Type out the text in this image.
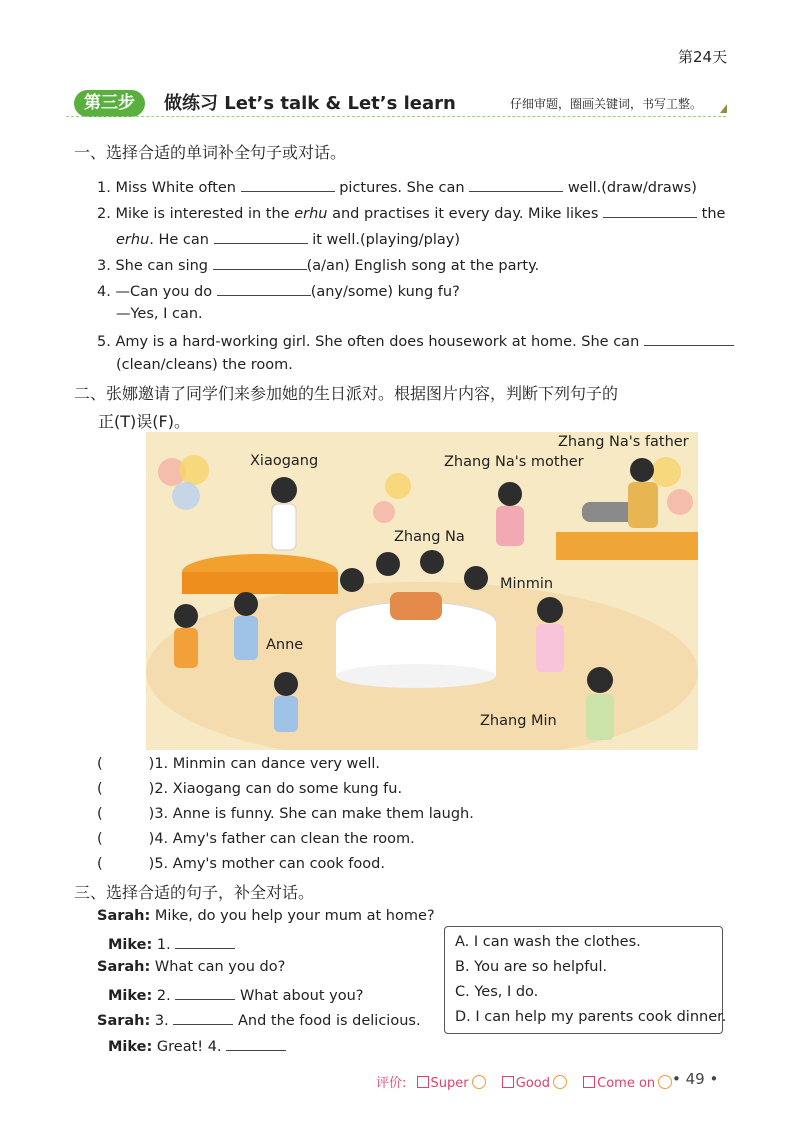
第24天
第三步	做练习 Let’s talk & Let’s learn	仔细审题，圈画关键词，书写工整。
一、选择合适的单词补全句子或对话。
1. Miss White often	pictures. She can	well.(draw/draws)
2. Mike is interested in the erhu and practises it every day. Mike likes	the
erhu. He can	it well.(playing/play)
3. She can sing	(a/an) English song at the party.
4. —Can you do	(any/some) kung fu?
—Yes, I can.
5. Amy is a hard-working girl. She often does housework at home. She can
(clean/cleans) the room.
二、张娜邀请了同学们来参加她的生日派对。根据图片内容，判断下列句子的
正(T)误(F)。
Zhang Na's father
Xiaogang	Zhang Na's mother
Zhang Na
Minmin
Anne
Zhang Min
(	)1. Minmin can dance very well.
(	)2. Xiaogang can do some kung fu.
(	)3. Anne is funny. She can make them laugh.
(	)4. Amy's father can clean the room.
(	)5. Amy's mother can cook food.
三、选择合适的句子，补全对话。
Sarah: Mike, do you help your mum at home?
Mike: 1.
Sarah: What can you do?
Mike: 2.	What about you?
Sarah: 3.	And the food is delicious.
Mike: Great! 4.
A. I can wash the clothes.
B. You are so helpful.
C. Yes, I do.
D. I can help my parents cook dinner.
评价: Super	Good	Come on	• 49 •
